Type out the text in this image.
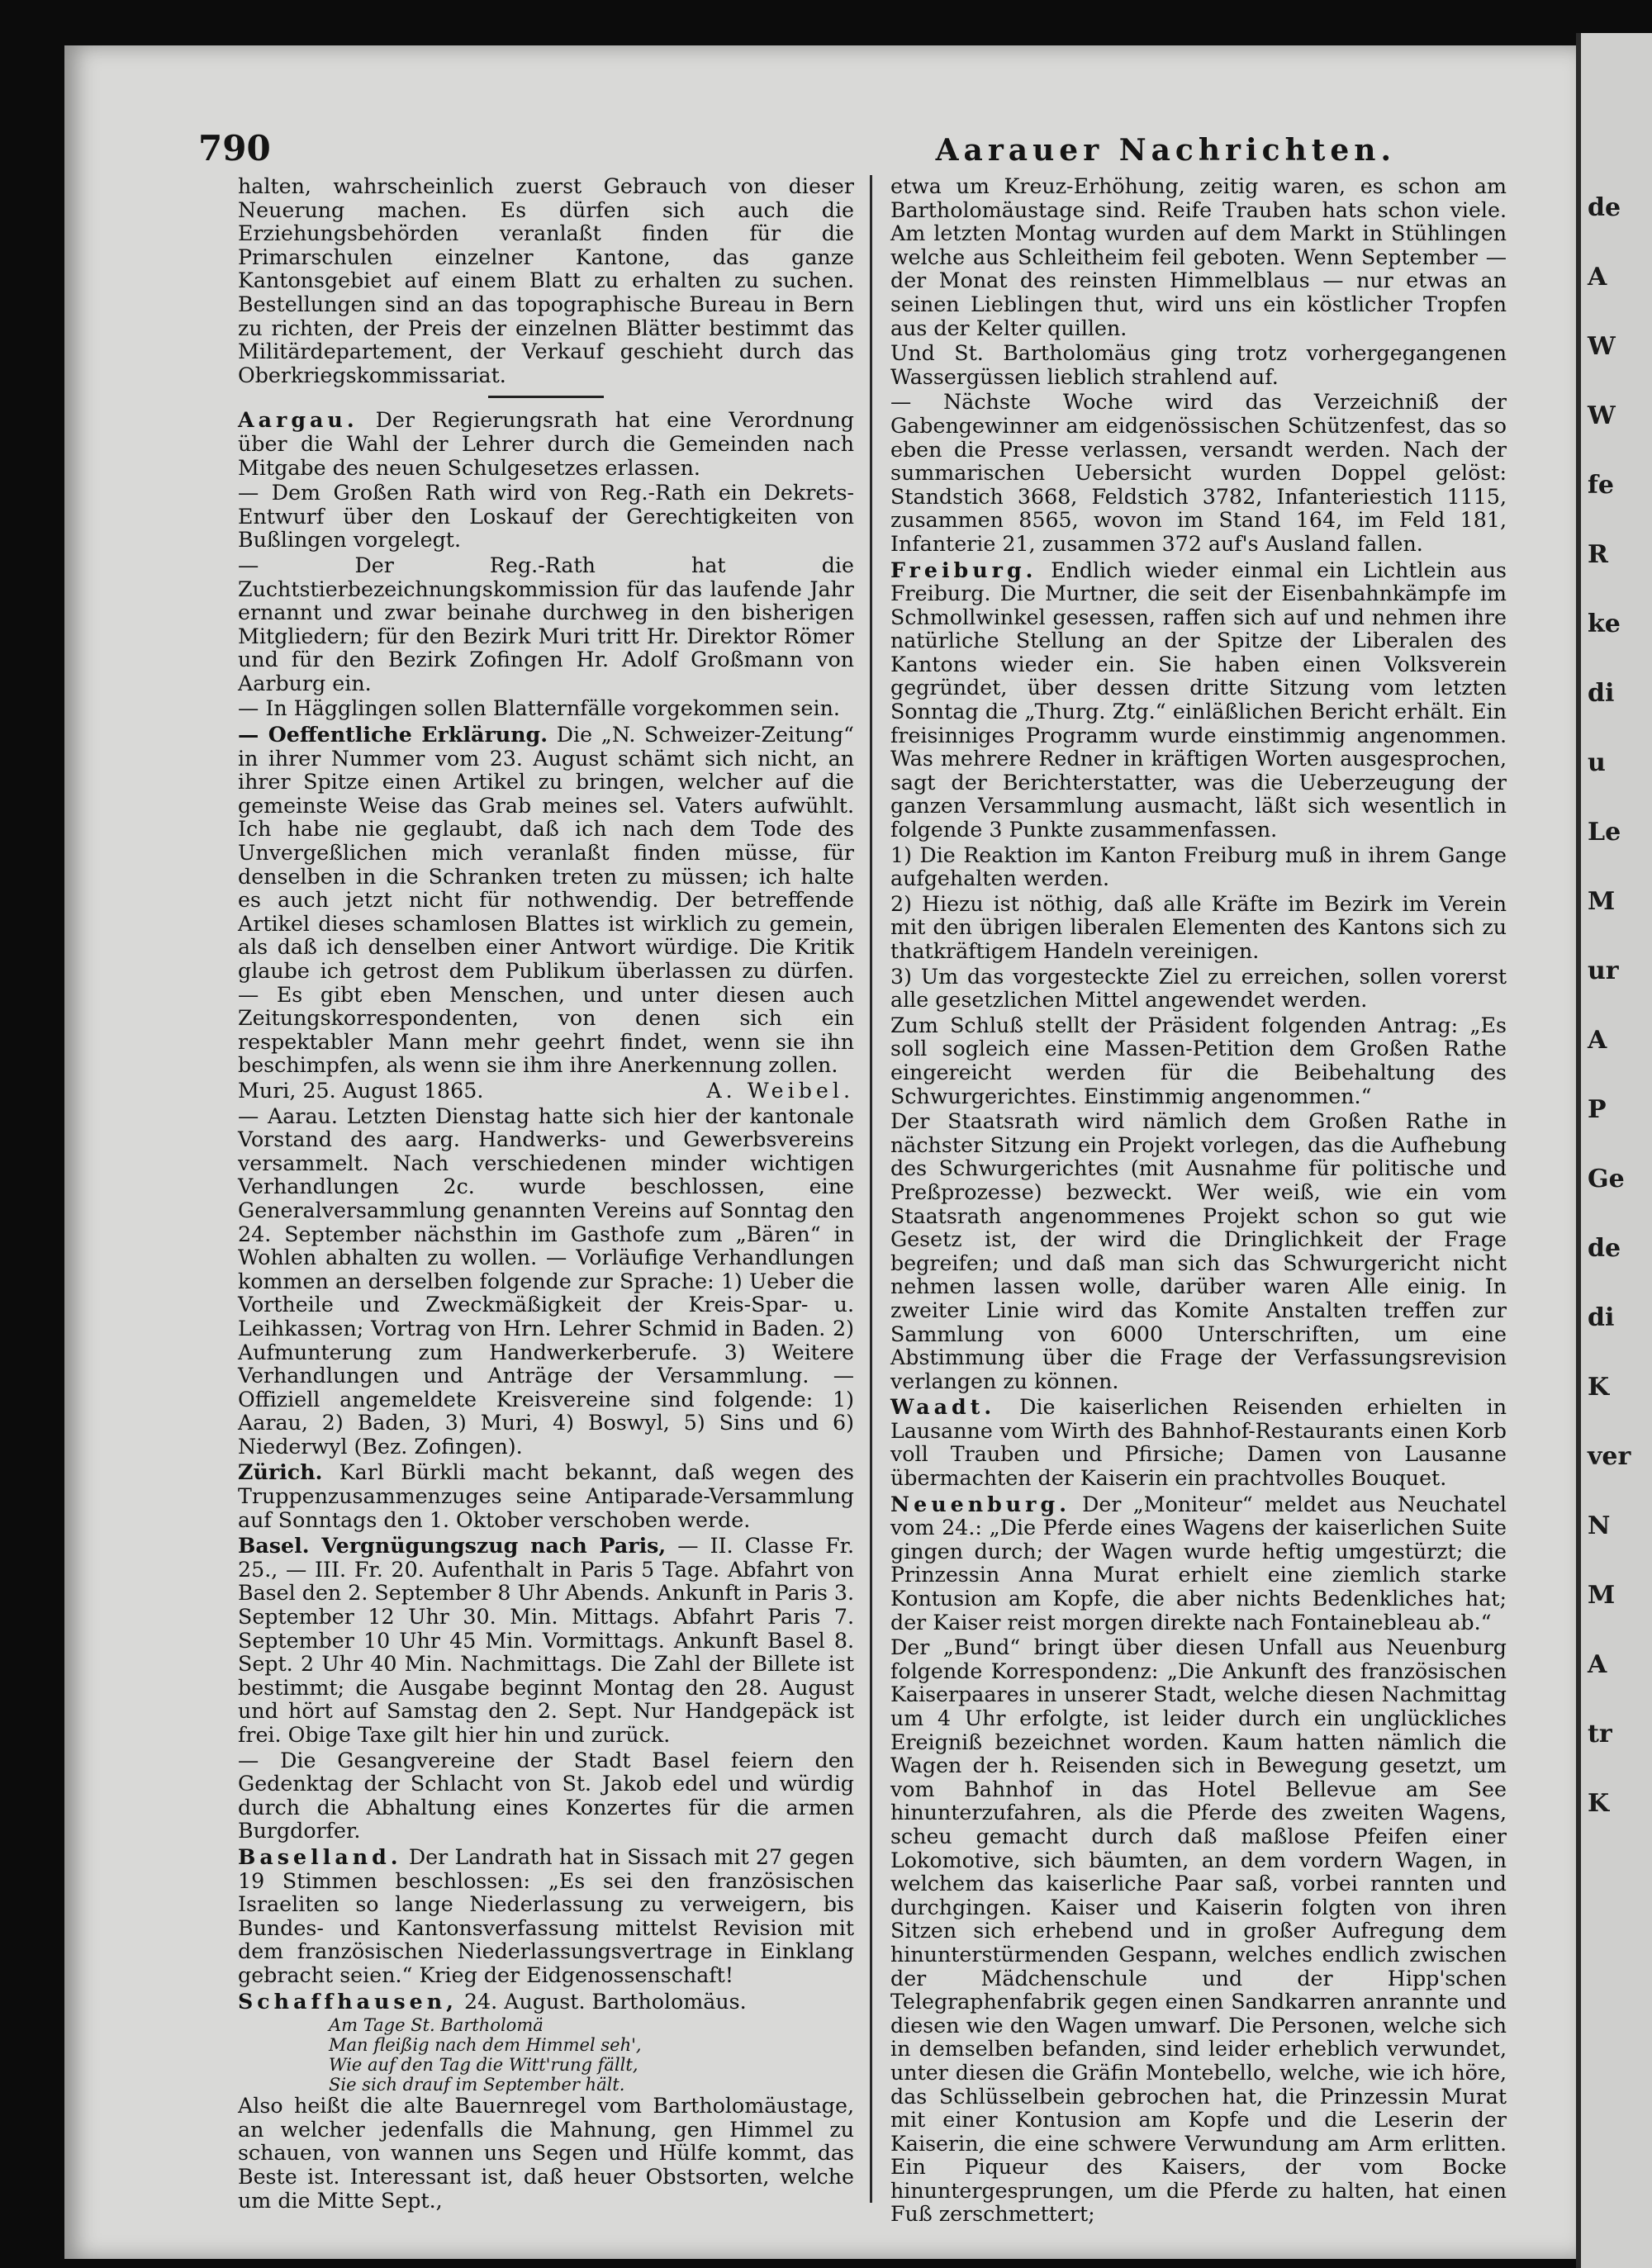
de
A
W
W
fe
R
ke
di
u
Le
M
ur
A
P
Ge
de
di
K
ver
N
M
A
tr
K
790	Aarauer Nachrichten.

halten, wahrscheinlich zuerst Gebrauch von dieser Neuerung machen. Es dürfen sich auch die Erziehungsbehörden veranlaßt finden für die Primarschulen einzelner Kantone, das ganze Kantonsgebiet auf einem Blatt zu erhalten zu suchen. Bestellungen sind an das topographische Bureau in Bern zu richten, der Preis der einzelnen Blätter bestimmt das Militärdepartement, der Verkauf geschieht durch das Oberkriegskommissariat.

Aargau. Der Regierungsrath hat eine Verordnung über die Wahl der Lehrer durch die Gemeinden nach Mitgabe des neuen Schulgesetzes erlassen.

— Dem Großen Rath wird von Reg.-Rath ein Dekrets-Entwurf über den Loskauf der Gerechtigkeiten von Bußlingen vorgelegt.

— Der Reg.-Rath hat die Zuchtstierbezeichnungskommission für das laufende Jahr ernannt und zwar beinahe durchweg in den bisherigen Mitgliedern; für den Bezirk Muri tritt Hr. Direktor Römer und für den Bezirk Zofingen Hr. Adolf Großmann von Aarburg ein.

— In Hägglingen sollen Blatternfälle vorgekommen sein.

— Oeffentliche Erklärung. Die „N. Schweizer-Zeitung“ in ihrer Nummer vom 23. August schämt sich nicht, an ihrer Spitze einen Artikel zu bringen, welcher auf die gemeinste Weise das Grab meines sel. Vaters aufwühlt. Ich habe nie geglaubt, daß ich nach dem Tode des Unvergeßlichen mich veranlaßt finden müsse, für denselben in die Schranken treten zu müssen; ich halte es auch jetzt nicht für nothwendig. Der betreffende Artikel dieses schamlosen Blattes ist wirklich zu gemein, als daß ich denselben einer Antwort würdige. Die Kritik glaube ich getrost dem Publikum überlassen zu dürfen. — Es gibt eben Menschen, und unter diesen auch Zeitungskorrespondenten, von denen sich ein respektabler Mann mehr geehrt findet, wenn sie ihn beschimpfen, als wenn sie ihm ihre Anerkennung zollen.

Muri, 25. August 1865.	A. Weibel.

— Aarau. Letzten Dienstag hatte sich hier der kantonale Vorstand des aarg. Handwerks- und Gewerbsvereins versammelt. Nach verschiedenen minder wichtigen Verhandlungen 2c. wurde beschlossen, eine Generalversammlung genannten Vereins auf Sonntag den 24. September nächsthin im Gasthofe zum „Bären“ in Wohlen abhalten zu wollen. — Vorläufige Verhandlungen kommen an derselben folgende zur Sprache: 1) Ueber die Vortheile und Zweckmäßigkeit der Kreis-Spar- u. Leihkassen; Vortrag von Hrn. Lehrer Schmid in Baden. 2) Aufmunterung zum Handwerkerberufe. 3) Weitere Verhandlungen und Anträge der Versammlung. — Offiziell angemeldete Kreisvereine sind folgende: 1) Aarau, 2) Baden, 3) Muri, 4) Boswyl, 5) Sins und 6) Niederwyl (Bez. Zofingen).

Zürich. Karl Bürkli macht bekannt, daß wegen des Truppenzusammenzuges seine Antiparade-Versammlung auf Sonntags den 1. Oktober verschoben werde.

Basel. Vergnügungszug nach Paris, — II. Classe Fr. 25., — III. Fr. 20. Aufenthalt in Paris 5 Tage. Abfahrt von Basel den 2. September 8 Uhr Abends. Ankunft in Paris 3. September 12 Uhr 30. Min. Mittags. Abfahrt Paris 7. September 10 Uhr 45 Min. Vormittags. Ankunft Basel 8. Sept. 2 Uhr 40 Min. Nachmittags. Die Zahl der Billete ist bestimmt; die Ausgabe beginnt Montag den 28. August und hört auf Samstag den 2. Sept. Nur Handgepäck ist frei. Obige Taxe gilt hier hin und zurück.

— Die Gesangvereine der Stadt Basel feiern den Gedenktag der Schlacht von St. Jakob edel und würdig durch die Abhaltung eines Konzertes für die armen Burgdorfer.

Baselland. Der Landrath hat in Sissach mit 27 gegen 19 Stimmen beschlossen: „Es sei den französischen Israeliten so lange Niederlassung zu verweigern, bis Bundes- und Kantonsverfassung mittelst Revision mit dem französischen Niederlassungsvertrage in Einklang gebracht seien.“ Krieg der Eidgenossenschaft!

Schaffhausen, 24. August. Bartholomäus.

Am Tage St. Bartholomä

Man fleißig nach dem Himmel seh',

Wie auf den Tag die Witt'rung fällt,

Sie sich drauf im September hält.

Also heißt die alte Bauernregel vom Bartholomäustage, an welcher jedenfalls die Mahnung, gen Himmel zu schauen, von wannen uns Segen und Hülfe kommt, das Beste ist. Interessant ist, daß heuer Obstsorten, welche um die Mitte Sept.,

etwa um Kreuz-Erhöhung, zeitig waren, es schon am Bartholomäustage sind. Reife Trauben hats schon viele. Am letzten Montag wurden auf dem Markt in Stühlingen welche aus Schleitheim feil geboten. Wenn September — der Monat des reinsten Himmelblaus — nur etwas an seinen Lieblingen thut, wird uns ein köstlicher Tropfen aus der Kelter quillen.

Und St. Bartholomäus ging trotz vorhergegangenen Wassergüssen lieblich strahlend auf.

— Nächste Woche wird das Verzeichniß der Gabengewinner am eidgenössischen Schützenfest, das so eben die Presse verlassen, versandt werden. Nach der summarischen Uebersicht wurden Doppel gelöst: Standstich 3668, Feldstich 3782, Infanteriestich 1115, zusammen 8565, wovon im Stand 164, im Feld 181, Infanterie 21, zusammen 372 auf's Ausland fallen.

Freiburg. Endlich wieder einmal ein Lichtlein aus Freiburg. Die Murtner, die seit der Eisenbahnkämpfe im Schmollwinkel gesessen, raffen sich auf und nehmen ihre natürliche Stellung an der Spitze der Liberalen des Kantons wieder ein. Sie haben einen Volksverein gegründet, über dessen dritte Sitzung vom letzten Sonntag die „Thurg. Ztg.“ einläßlichen Bericht erhält. Ein freisinniges Programm wurde einstimmig angenommen. Was mehrere Redner in kräftigen Worten ausgesprochen, sagt der Berichterstatter, was die Ueberzeugung der ganzen Versammlung ausmacht, läßt sich wesentlich in folgende 3 Punkte zusammenfassen.

1) Die Reaktion im Kanton Freiburg muß in ihrem Gange aufgehalten werden.

2) Hiezu ist nöthig, daß alle Kräfte im Bezirk im Verein mit den übrigen liberalen Elementen des Kantons sich zu thatkräftigem Handeln vereinigen.

3) Um das vorgesteckte Ziel zu erreichen, sollen vorerst alle gesetzlichen Mittel angewendet werden.

Zum Schluß stellt der Präsident folgenden Antrag: „Es soll sogleich eine Massen-Petition dem Großen Rathe eingereicht werden für die Beibehaltung des Schwurgerichtes. Einstimmig angenommen.“

Der Staatsrath wird nämlich dem Großen Rathe in nächster Sitzung ein Projekt vorlegen, das die Aufhebung des Schwurgerichtes (mit Ausnahme für politische und Preßprozesse) bezweckt. Wer weiß, wie ein vom Staatsrath angenommenes Projekt schon so gut wie Gesetz ist, der wird die Dringlichkeit der Frage begreifen; und daß man sich das Schwurgericht nicht nehmen lassen wolle, darüber waren Alle einig. In zweiter Linie wird das Komite Anstalten treffen zur Sammlung von 6000 Unterschriften, um eine Abstimmung über die Frage der Verfassungsrevision verlangen zu können.

Waadt. Die kaiserlichen Reisenden erhielten in Lausanne vom Wirth des Bahnhof-Restaurants einen Korb voll Trauben und Pfirsiche; Damen von Lausanne übermachten der Kaiserin ein prachtvolles Bouquet.

Neuenburg. Der „Moniteur“ meldet aus Neuchatel vom 24.: „Die Pferde eines Wagens der kaiserlichen Suite gingen durch; der Wagen wurde heftig umgestürzt; die Prinzessin Anna Murat erhielt eine ziemlich starke Kontusion am Kopfe, die aber nichts Bedenkliches hat; der Kaiser reist morgen direkte nach Fontainebleau ab.“

Der „Bund“ bringt über diesen Unfall aus Neuenburg folgende Korrespondenz: „Die Ankunft des französischen Kaiserpaares in unserer Stadt, welche diesen Nachmittag um 4 Uhr erfolgte, ist leider durch ein unglückliches Ereigniß bezeichnet worden. Kaum hatten nämlich die Wagen der h. Reisenden sich in Bewegung gesetzt, um vom Bahnhof in das Hotel Bellevue am See hinunterzufahren, als die Pferde des zweiten Wagens, scheu gemacht durch daß maßlose Pfeifen einer Lokomotive, sich bäumten, an dem vordern Wagen, in welchem das kaiserliche Paar saß, vorbei rannten und durchgingen. Kaiser und Kaiserin folgten von ihren Sitzen sich erhebend und in großer Aufregung dem hinunterstürmenden Gespann, welches endlich zwischen der Mädchenschule und der Hipp'schen Telegraphenfabrik gegen einen Sandkarren anrannte und diesen wie den Wagen umwarf. Die Personen, welche sich in demselben befanden, sind leider erheblich verwundet, unter diesen die Gräfin Montebello, welche, wie ich höre, das Schlüsselbein gebrochen hat, die Prinzessin Murat mit einer Kontusion am Kopfe und die Leserin der Kaiserin, die eine schwere Verwundung am Arm erlitten. Ein Piqueur des Kaisers, der vom Bocke hinuntergesprungen, um die Pferde zu halten, hat einen Fuß zerschmettert;
